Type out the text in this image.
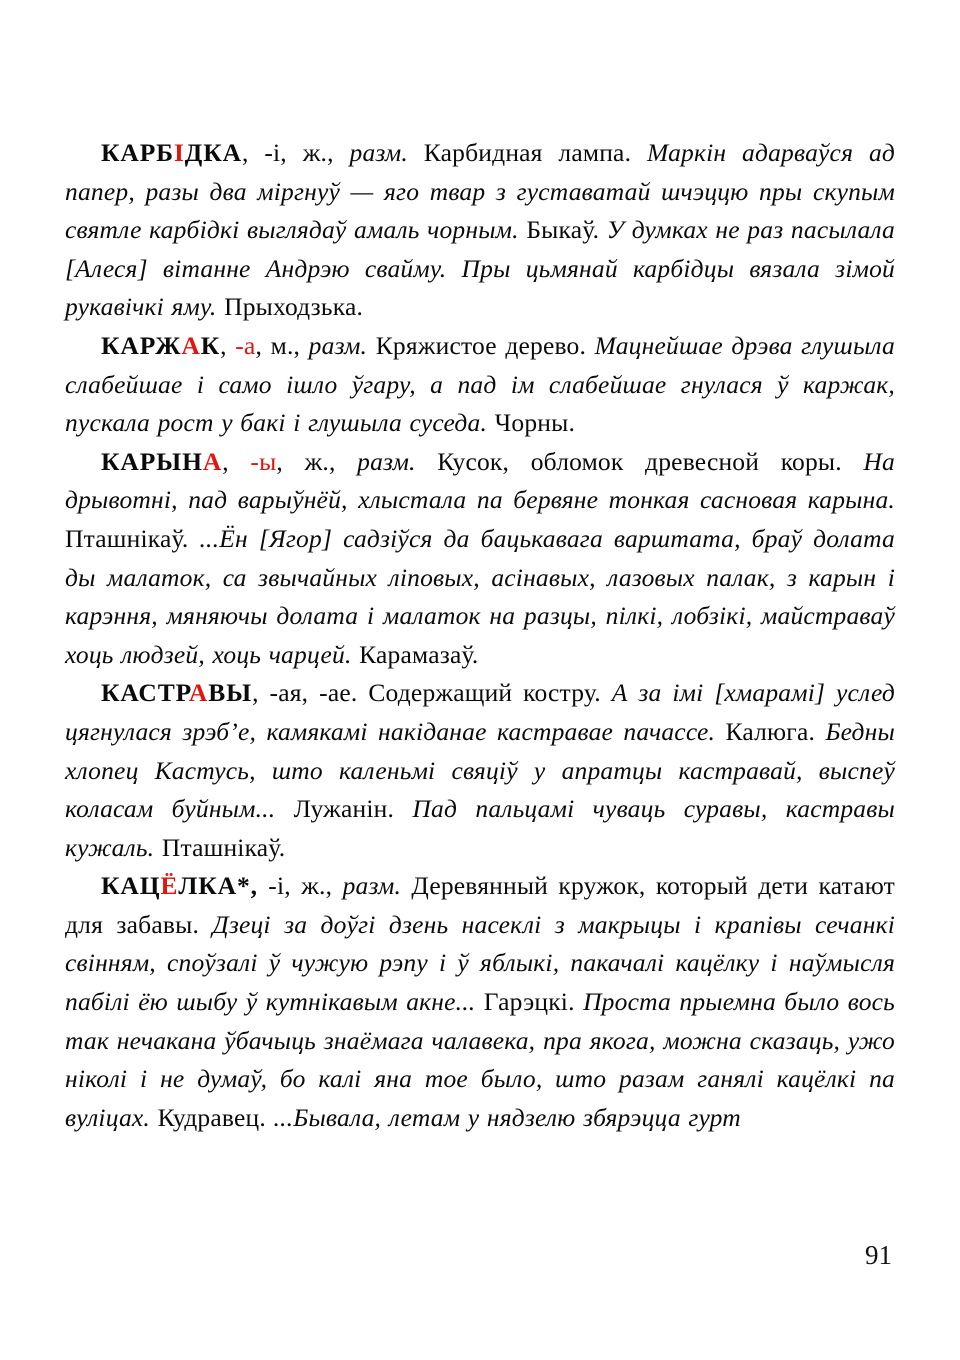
КАРБІДКА, -і, ж., разм. Карбидная лампа. Маркін адарваўся ад папер, разы два міргнуў — яго твар з густаватай шчэццю пры скупым святле карбідкі выглядаў амаль чорным. Быкаў. У думках не раз пасылала [Алеся] вітанне Андрэю свайму. Пры цьмянай карбідцы вязала зімой рукавічкі яму. Прыходзька.

КАРЖАК, -а, м., разм. Кряжистое дерево. Мацнейшае дрэва глушыла слабейшае і само ішло ўгару, а пад ім слабейшае гнулася ў каржак, пускала рост у бакі і глушыла суседа. Чорны.

КАРЫНА, -ы, ж., разм. Кусок, обломок древесной коры. На дрывотні, пад варыўнёй, хлыстала па бервяне тонкая сасновая карына. Пташнікаў. ...Ён [Ягор] садзіўся да бацькавага варштата, браў долата ды малаток, са звычайных ліповых, асінавых, лазовых палак, з карын і карэння, мяняючы долата і малаток на разцы, пілкі, лобзікі, майстраваў хоць людзей, хоць чарцей. Карамазаў.

КАСТРАВЫ, -ая, -ае. Содержащий костру. А за імі [хмарамі] услед цягнулася зрэб’е, камякамі накіданае кастравае пачассе. Калюга. Бедны хлопец Кастусь, што каленьмі свяціў у апратцы кастравай, выспеў коласам буйным... Лужанін. Пад пальцамі чуваць суравы, кастравы кужаль. Пташнікаў.

КАЦЁЛКА*, -і, ж., разм. Деревянный кружок, который дети катают для забавы. Дзеці за доўгі дзень насеклі з макрыцы і крапівы сечанкі свінням, споўзалі ў чужую рэпу і ў яблыкі, пакачалі кацёлку і наўмысля пабілі ёю шыбу ў кутнікавым акне... Гарэцкі. Проста прыемна было вось так нечакана ўбачыць знаёмага чалавека, пра якога, можна сказаць, ужо ніколі і не думаў, бо калі яна тое было, што разам ганялі кацёлкі па вуліцах. Кудравец. ...Бывала, летам у нядзелю збярэцца гурт

91
